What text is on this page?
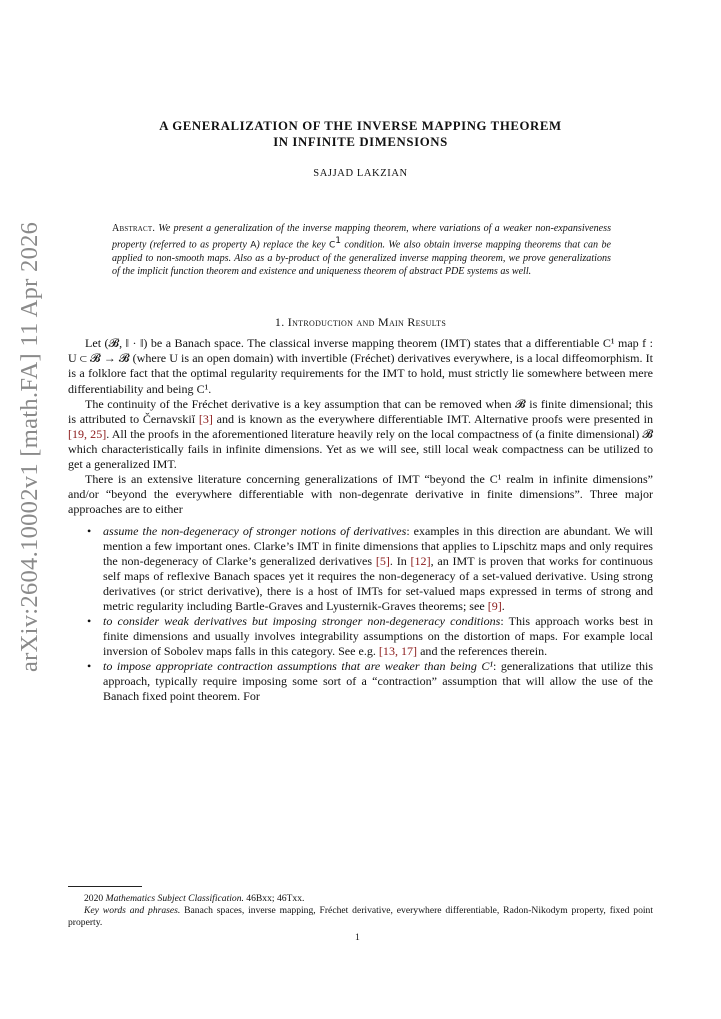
arXiv:2604.10002v1 [math.FA] 11 Apr 2026
A GENERALIZATION OF THE INVERSE MAPPING THEOREM
IN INFINITE DIMENSIONS
SAJJAD LAKZIAN
Abstract. We present a generalization of the inverse mapping theorem, where variations of a weaker non-expansiveness property (referred to as property A) replace the key $C^1$ condition. We also obtain inverse mapping theorems that can be applied to non-smooth maps. Also as a by-product of the generalized inverse mapping theorem, we prove generalizations of the implicit function theorem and existence and uniqueness theorem of abstract PDE systems as well.
1. Introduction and Main Results

Let (𝓑, ‖ · ‖) be a Banach space. The classical inverse mapping theorem (IMT) states that a differentiable C¹ map f : U ⊂ 𝓑 → 𝓑 (where U is an open domain) with invertible (Fréchet) derivatives everywhere, is a local diffeomorphism. It is a folklore fact that the optimal regularity requirements for the IMT to hold, must strictly lie somewhere between mere differentiability and being C¹.

The continuity of the Fréchet derivative is a key assumption that can be removed when 𝓑 is finite dimensional; this is attributed to Černavskiĭ [3] and is known as the everywhere differentiable IMT. Alternative proofs were presented in [19, 25]. All the proofs in the aforementioned literature heavily rely on the local compactness of (a finite dimensional) 𝓑 which characteristically fails in infinite dimensions. Yet as we will see, still local weak compactness can be utilized to get a generalized IMT.

There is an extensive literature concerning generalizations of IMT “beyond the C¹ realm in infinite dimensions” and/or “beyond the everywhere differentiable with non-degenrate derivative in finite dimensions”. Three major approaches are to either

• assume the non-degeneracy of stronger notions of derivatives: examples in this direction are abundant. We will mention a few important ones. Clarke’s IMT in finite dimensions that applies to Lipschitz maps and only requires the non-degeneracy of Clarke’s generalized derivatives [5]. In [12], an IMT is proven that works for continuous self maps of reflexive Banach spaces yet it requires the non-degeneracy of a set-valued derivative. Using strong derivatives (or strict derivative), there is a host of IMTs for set-valued maps expressed in terms of strong and metric regularity including Bartle-Graves and Lyusternik-Graves theorems; see [9].
• to consider weak derivatives but imposing stronger non-degeneracy conditions: This approach works best in finite dimensions and usually involves integrability assumptions on the distortion of maps. For example local inversion of Sobolev maps falls in this category. See e.g. [13, 17] and the references therein.
• to impose appropriate contraction assumptions that are weaker than being C¹: generalizations that utilize this approach, typically require imposing some sort of a “contraction” assumption that will allow the use of the Banach fixed point theorem. For

2020 Mathematics Subject Classification. 46Bxx; 46Txx.

Key words and phrases. Banach spaces, inverse mapping, Fréchet derivative, everywhere differentiable, Radon-Nikodym property, fixed point property.

1
